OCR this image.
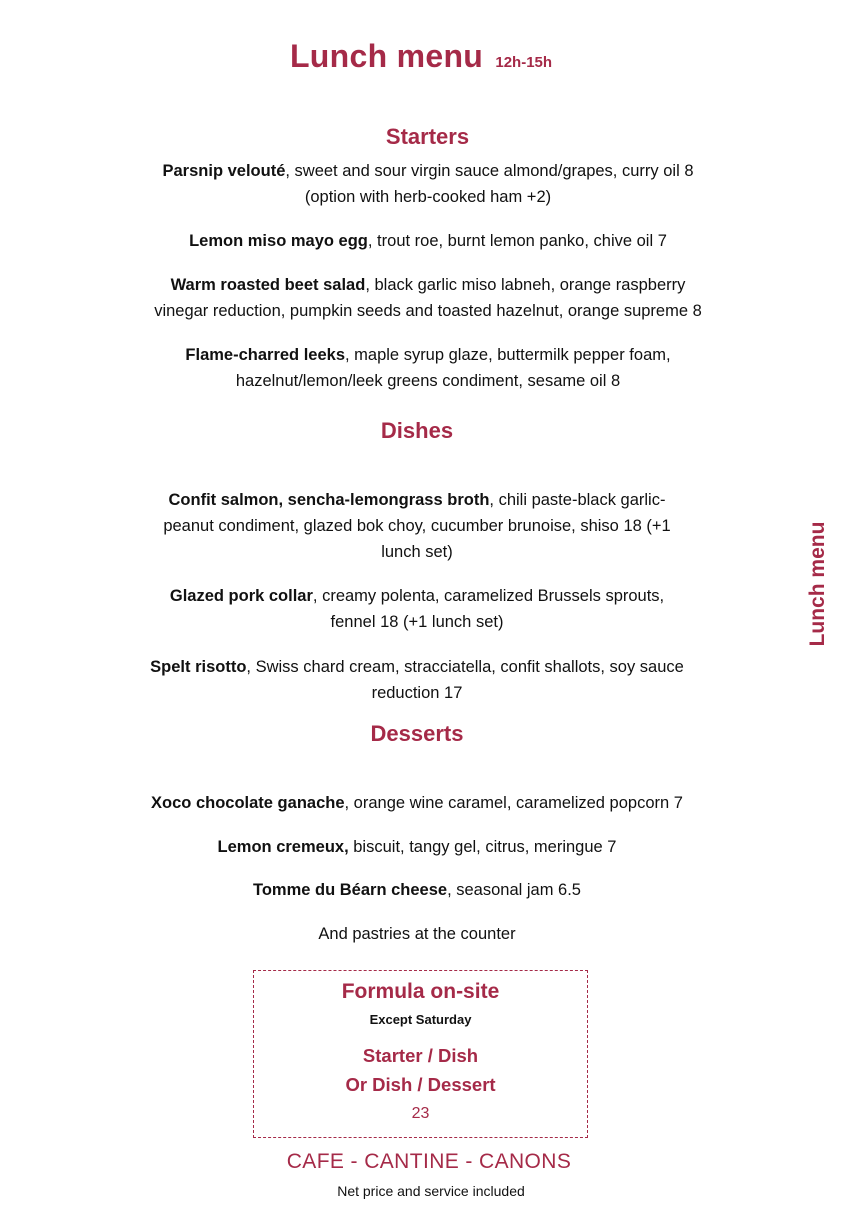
Lunch menu 12h-15h
Lunch menu
Starters
Parsnip velouté, sweet and sour virgin sauce almond/grapes, curry oil 8
(option with herb-cooked ham +2)
Lemon miso mayo egg, trout roe, burnt lemon panko, chive oil 7
Warm roasted beet salad, black garlic miso labneh, orange raspberry
vinegar reduction, pumpkin seeds and toasted hazelnut, orange supreme 8
Flame-charred leeks, maple syrup glaze, buttermilk pepper foam,
hazelnut/lemon/leek greens condiment, sesame oil 8
Dishes
Confit salmon, sencha-lemongrass broth, chili paste-black garlic-
peanut condiment, glazed bok choy, cucumber brunoise, shiso 18 (+1
lunch set)
Glazed pork collar, creamy polenta, caramelized Brussels sprouts,
fennel 18 (+1 lunch set)
Spelt risotto, Swiss chard cream, stracciatella, confit shallots, soy sauce
reduction 17
Desserts
Xoco chocolate ganache, orange wine caramel, caramelized popcorn 7
Lemon cremeux, biscuit, tangy gel, citrus, meringue 7
Tomme du Béarn cheese, seasonal jam 6.5
And pastries at the counter
Formula on-site
Except Saturday
Starter / Dish
Or Dish / Dessert
23
CAFE - CANTINE - CANONS
Net price and service included
